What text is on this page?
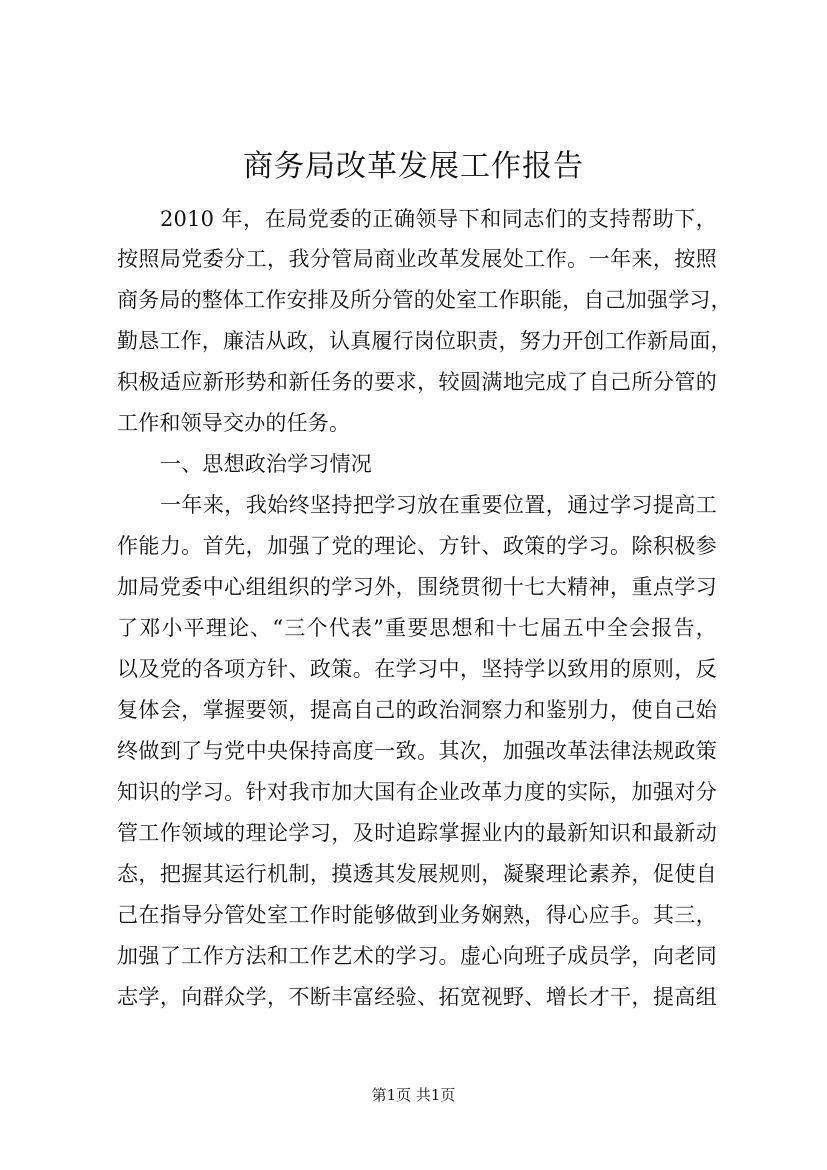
商务局改革发展工作报告
2010 年，在局党委的正确领导下和同志们的支持帮助下，
按照局党委分工，我分管局商业改革发展处工作。一年来，按照
商务局的整体工作安排及所分管的处室工作职能，自己加强学习，
勤恳工作，廉洁从政，认真履行岗位职责，努力开创工作新局面，
积极适应新形势和新任务的要求，较圆满地完成了自己所分管的
工作和领导交办的任务。
一、思想政治学习情况
一年来，我始终坚持把学习放在重要位置，通过学习提高工
作能力。首先，加强了党的理论、方针、政策的学习。除积极参
加局党委中心组组织的学习外，围绕贯彻十七大精神，重点学习
了邓小平理论、“三个代表”重要思想和十七届五中全会报告，
以及党的各项方针、政策。在学习中，坚持学以致用的原则，反
复体会，掌握要领，提高自己的政治洞察力和鉴别力，使自己始
终做到了与党中央保持高度一致。其次，加强改革法律法规政策
知识的学习。针对我市加大国有企业改革力度的实际，加强对分
管工作领域的理论学习，及时追踪掌握业内的最新知识和最新动
态，把握其运行机制，摸透其发展规则，凝聚理论素养，促使自
己在指导分管处室工作时能够做到业务娴熟，得心应手。其三，
加强了工作方法和工作艺术的学习。虚心向班子成员学，向老同
志学，向群众学，不断丰富经验、拓宽视野、增长才干，提高组
第1页 共1页
